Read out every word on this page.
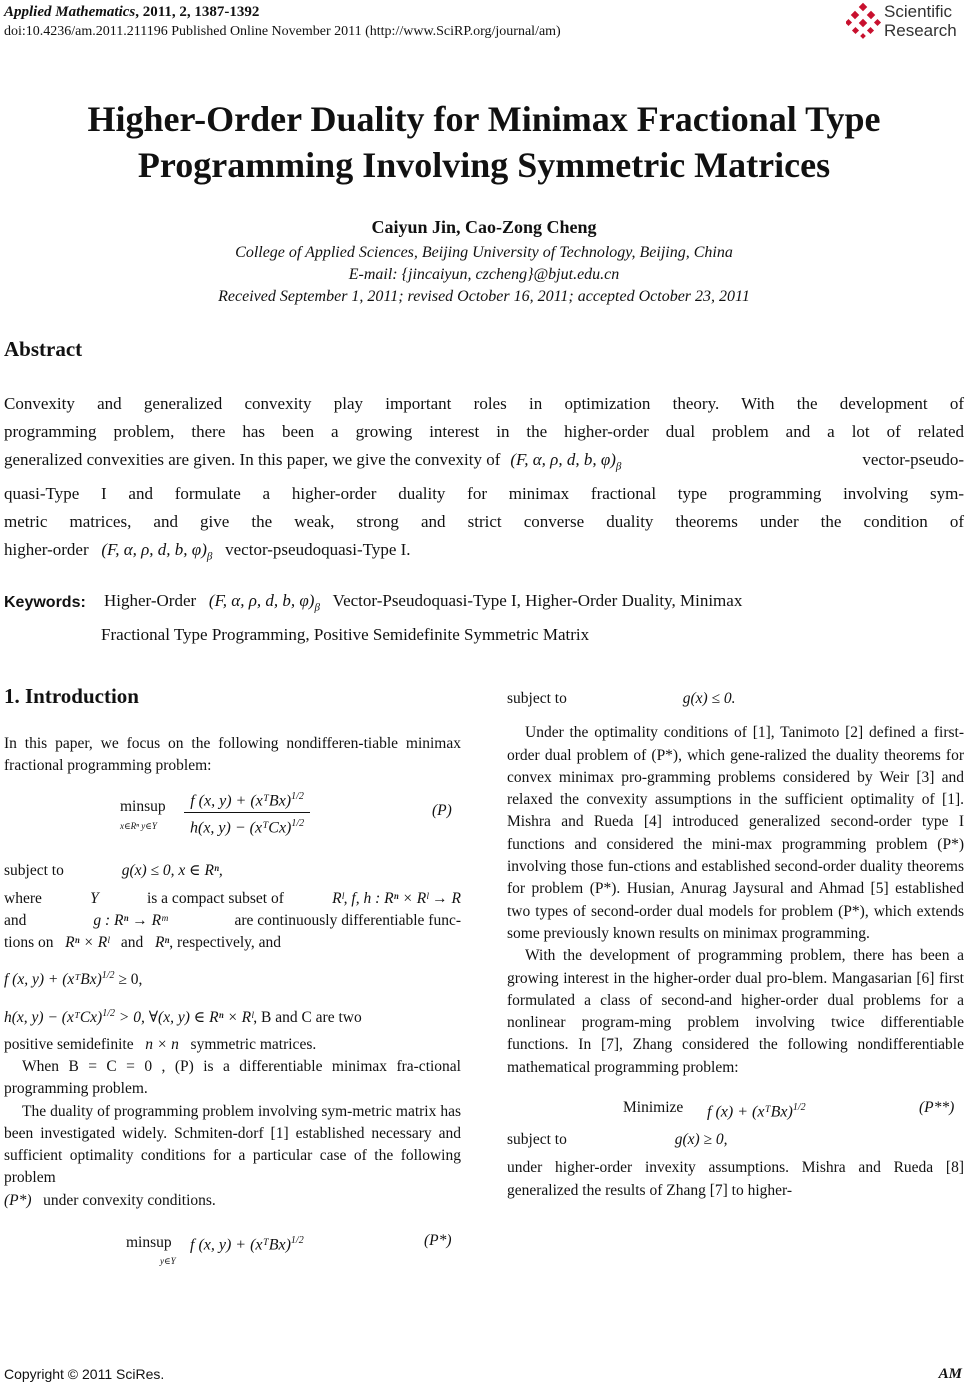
Applied Mathematics, 2011, 2, 1387-1392
doi:10.4236/am.2011.211196 Published Online November 2011 (http://www.SciRP.org/journal/am)
Scientific
Research
Higher-Order Duality for Minimax Fractional Type
Programming Involving Symmetric Matrices
Caiyun Jin, Cao-Zong Cheng
College of Applied Sciences, Beijing University of Technology, Beijing, China
E-mail: {jincaiyun, czcheng}@bjut.edu.cn
Received September 1, 2011; revised October 16, 2011; accepted October 23, 2011
Abstract
Convexity and generalized convexity play important roles in optimization theory. With the development of
programming problem, there has been a growing interest in the higher-order dual problem and a lot of related
generalized convexities are given. In this paper, we give the convexity of (F, α, ρ, d, b, $\varphi)_\beta$	vector-pseudo-
quasi-Type I and formulate a higher-order duality for minimax fractional type programming involving sym-
metric matrices, and give the weak, strong and strict converse duality theorems under the condition of
higher-order (F, α, ρ, d, b, $\varphi)_\beta$ vector-pseudoquasi-Type I.
Keywords: Higher-Order (F, α, ρ, d, b, $\varphi)_\beta$ Vector-Pseudoquasi-Type I, Higher-Order Duality, Minimax
Fractional Type Programming, Positive Semidefinite Symmetric Matrix
1. Introduction
In this paper, we focus on the following nondifferen-tiable minimax fractional programming problem:
minsup
x∈Rⁿ y∈Y
f (x, y) + (xᵀBx)$^{1/2}$
h(x, y) − (xᵀCx)$^{1/2}$
(P)
subject to	g(x) ≤ 0, x ∈ Rⁿ,
where	Y	is a compact subset of	Rˡ, f, h : Rⁿ × Rˡ → R
and	g : Rⁿ → Rᵐ	are continuously differentiable func-
tions on Rⁿ × Rˡ and Rⁿ, respectively, and
f (x, y) + (xᵀBx)$^{1/2}$ ≥ 0,
h(x, y) − (xᵀCx)$^{1/2}$ > 0, ∀(x, y) ∈ Rⁿ × Rˡ, B and C are two
positive semidefinite n × n symmetric matrices.
When B = C = 0 , (P) is a differentiable minimax fra-ctional programming problem.
The duality of programming problem involving sym-metric matrix has been investigated widely. Schmiten-dorf [1] established necessary and sufficient optimality conditions for a particular case of the following problem
(P*) under convexity conditions.
minsup
y∈Y
f (x, y) + (xᵀBx)$^{1/2}$	(P*)
subject to	g(x) ≤ 0.
Under the optimality conditions of [1], Tanimoto [2] defined a first-order dual problem of (P*), which gene-ralized the duality theorems for convex minimax pro-gramming problems considered by Weir [3] and relaxed the convexity assumptions in the sufficient optimality of [1]. Mishra and Rueda [4] introduced generalized second-order type I functions and considered the mini-max programming problem (P*) involving those fun-ctions and established second-order duality theorems for problem (P*). Husian, Anurag Jaysural and Ahmad [5] established two types of second-order dual models for problem (P*), which extends some previously known results on minimax programming.
With the development of programming problem, there has been a growing interest in the higher-order dual pro-blem. Mangasarian [6] first formulated a class of second-and higher-order dual problems for a nonlinear program-ming problem involving twice differentiable functions. In [7], Zhang considered the following nondifferentiable mathematical programming problem:
Minimize f (x) + (xᵀBx)$^{1/2}$	(P**)
subject to	g(x) ≥ 0,
under higher-order invexity assumptions. Mishra and Rueda [8] generalized the results of Zhang [7] to higher-
Copyright © 2011 SciRes.	AM
